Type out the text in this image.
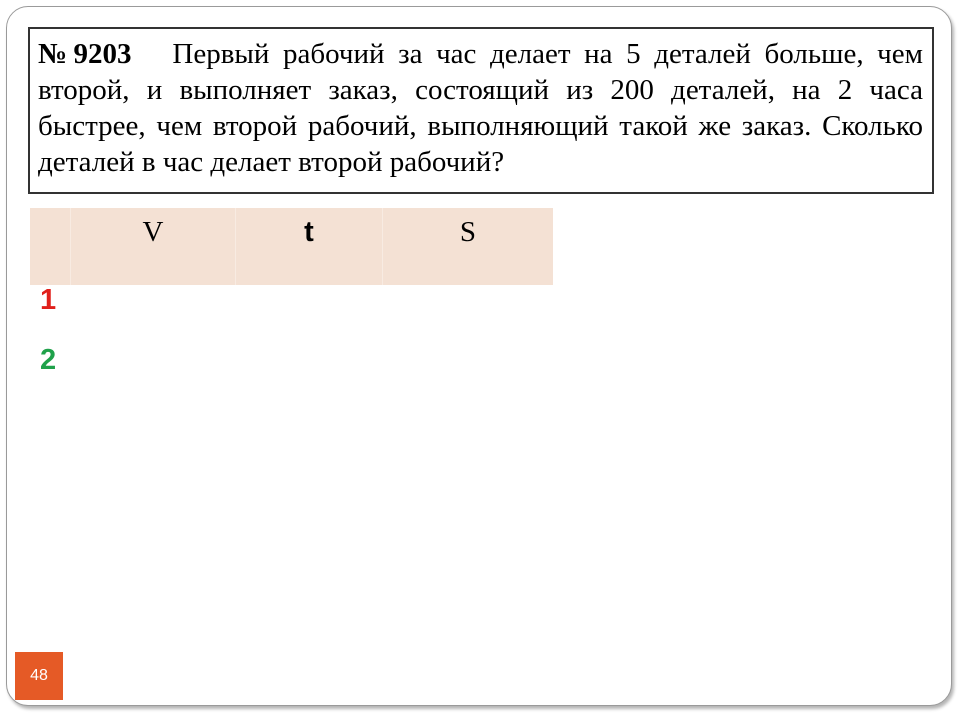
№9203 Первый рабочий за час делает на 5 деталей больше, чем второй, и выполняет заказ, состоящий из 200 деталей, на 2 часа быстрее, чем второй рабочий, выполняющий такой же заказ. Сколько деталей в час делает второй рабочий?

	V	t	S
1
2
48
